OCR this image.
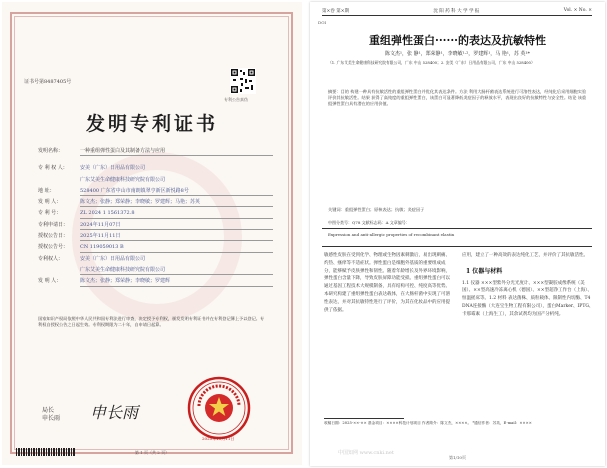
证书号第8487405号
专利公告真伪
发明专利证书
发明名称：	一种重组弹性蛋白及其制备方法与应用
专 利 权 人：	安美（广东）日用品有限公司
广东艾美生命健康科技研究院有限公司
地 址：	528400 广东省中山市南朗镇翠亨新区新悦路8号
发 明 人：	陈文杰；张静；郑荣静；李晓敏；罗建辉；马艳；苏英
专 利 号：	ZL 2024 1 1561372.8
专利申请日：	2024年11月07日
授权公告日：	2025年11月11日
授权公告号：	CN 119059013 B
专利权人：	安美（广东）日用品有限公司
广东艾美生命健康科技研究院有限公司
发 明 人：	陈文杰；张静；郑荣静；李晓敏；罗建辉
国家知识产权局依照中华人民共和国专利法进行审查，决定授予专利权，颁发发明专利证书并在专利登记簿上予以登记。专利权自授权公告之日起生效。专利权期限为二十年，自申请日起算。
局长
申长雨 申长雨
2025年11月11日
第 1 页（共 2 页）
第×卷 第×期	沈 阳 药 科 大 学 学 报	Vol. × No. ×
DOI
重组弹性蛋白······的表达及抗敏特性
陈文杰¹，张 静¹，郑荣静¹，李晓敏¹·²，罗建辉¹，马 艳¹，苏 英¹*
（1. 广东艾美生命健康科技研究院有限公司，广东 中山 528400；2. 安美（广东）日用品有限公司，广东 中山 528400）
摘要：目的 构建一种具有抗敏活性的重组弹性蛋白并优化其表达条件。方法 利用大肠杆菌表达系统进行可溶性表达，经纯化后采用细胞实验评价其抗敏活性。结果 获得了高纯度的重组弹性蛋白，该蛋白可显著降低炎症因子的释放水平，表现出良好的抗敏特性与安全性。结论 该重组弹性蛋白具有潜在的应用价值。
关键词：重组弹性蛋白；原核表达；抗敏；炎症因子
中图分类号：Q78 文献标志码：A 文章编号：
Expression and anti-allergic properties of recombinant elastin
敏感性皮肤在受到化学、物理或生物因素刺激后，易出现刺痛、灼热、瘙痒等不适症状。弹性蛋白是细胞外基质的重要组成成分，能够赋予皮肤弹性和韧性。随着年龄增长及外界环境影响，弹性蛋白含量下降，导致皮肤屏障功能受损。重组弹性蛋白可以通过基因工程技术大规模制备，具有结构可控、纯度高等优势。本研究构建了重组弹性蛋白表达载体，在大肠杆菌中实现了可溶性表达，并对其抗敏特性进行了评价，为其在化妆品中的应用提供了依据。
应用，建立了一种高效的表达纯化工艺，并评价了其抗敏活性。
1 仪器与材料
1.1 仪器 ×××型紫外分光光度计、×××型凝胶成像系统（美国）、××型高速冷冻离心机（德国）、××型超净工作台（上海）、恒温摇床等。1.2 材料 表达菌株、质粒载体、限制性内切酶、T4 DNA连接酶（大连宝生物工程有限公司），蛋白Marker、IPTG、卡那霉素（上海生工），其余试剂均为国产分析纯。
收稿日期：2025-××-×× 基金项目：××××科技计划项目 作者简介：陈文杰，××××。 *通信作者：苏英，E-mail：××××
第1/10页
中国知网 www.cnki.net
